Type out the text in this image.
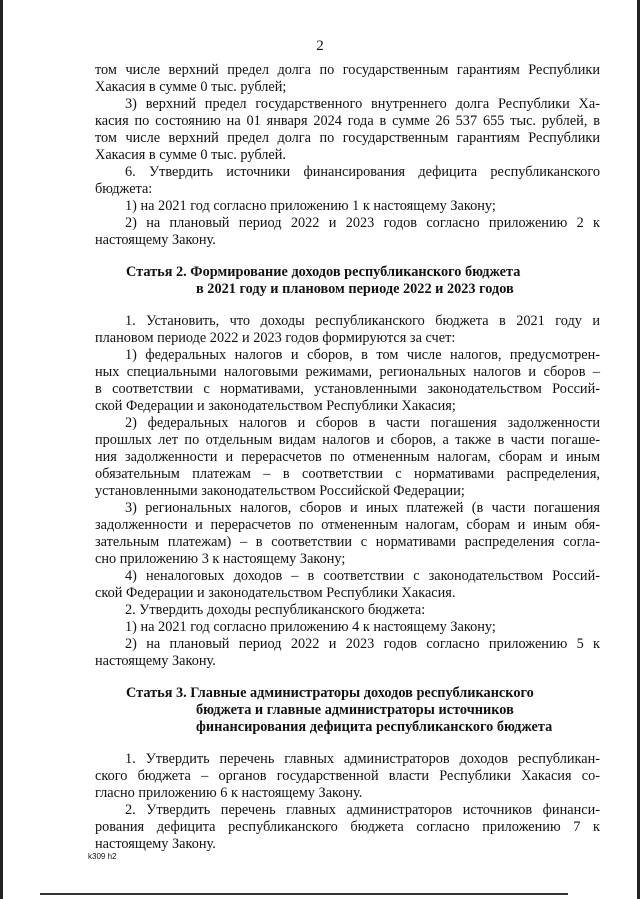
2
том числе верхний предел долга по государственным гарантиям Республики
Хакасия в сумме 0 тыс. рублей;
3) верхний предел государственного внутреннего долга Республики Ха-
касия по состоянию на 01 января 2024 года в сумме 26 537 655 тыс. рублей, в
том числе верхний предел долга по государственным гарантиям Республики
Хакасия в сумме 0 тыс. рублей.
6. Утвердить источники финансирования дефицита республиканского
бюджета:
1) на 2021 год согласно приложению 1 к настоящему Закону;
2) на плановый период 2022 и 2023 годов согласно приложению 2 к
настоящему Закону.
Статья 2. Формирование доходов республиканского бюджета
в 2021 году и плановом периоде 2022 и 2023 годов
1. Установить, что доходы республиканского бюджета в 2021 году и
плановом периоде 2022 и 2023 годов формируются за счет:
1) федеральных налогов и сборов, в том числе налогов, предусмотрен-
ных специальными налоговыми режимами, региональных налогов и сборов –
в соответствии с нормативами, установленными законодательством Россий-
ской Федерации и законодательством Республики Хакасия;
2) федеральных налогов и сборов в части погашения задолженности
прошлых лет по отдельным видам налогов и сборов, а также в части погаше-
ния задолженности и перерасчетов по отмененным налогам, сборам и иным
обязательным платежам – в соответствии с нормативами распределения,
установленными законодательством Российской Федерации;
3) региональных налогов, сборов и иных платежей (в части погашения
задолженности и перерасчетов по отмененным налогам, сборам и иным обя-
зательным платежам) – в соответствии с нормативами распределения согла-
сно приложению 3 к настоящему Закону;
4) неналоговых доходов – в соответствии с законодательством Россий-
ской Федерации и законодательством Республики Хакасия.
2. Утвердить доходы республиканского бюджета:
1) на 2021 год согласно приложению 4 к настоящему Закону;
2) на плановый период 2022 и 2023 годов согласно приложению 5 к
настоящему Закону.
Статья 3. Главные администраторы доходов республиканского
бюджета и главные администраторы источников
финансирования дефицита республиканского бюджета
1. Утвердить перечень главных администраторов доходов республикан-
ского бюджета – органов государственной власти Республики Хакасия со-
гласно приложению 6 к настоящему Закону.
2. Утвердить перечень главных администраторов источников финанси-
рования дефицита республиканского бюджета согласно приложению 7 к
настоящему Закону.
k309 h2
